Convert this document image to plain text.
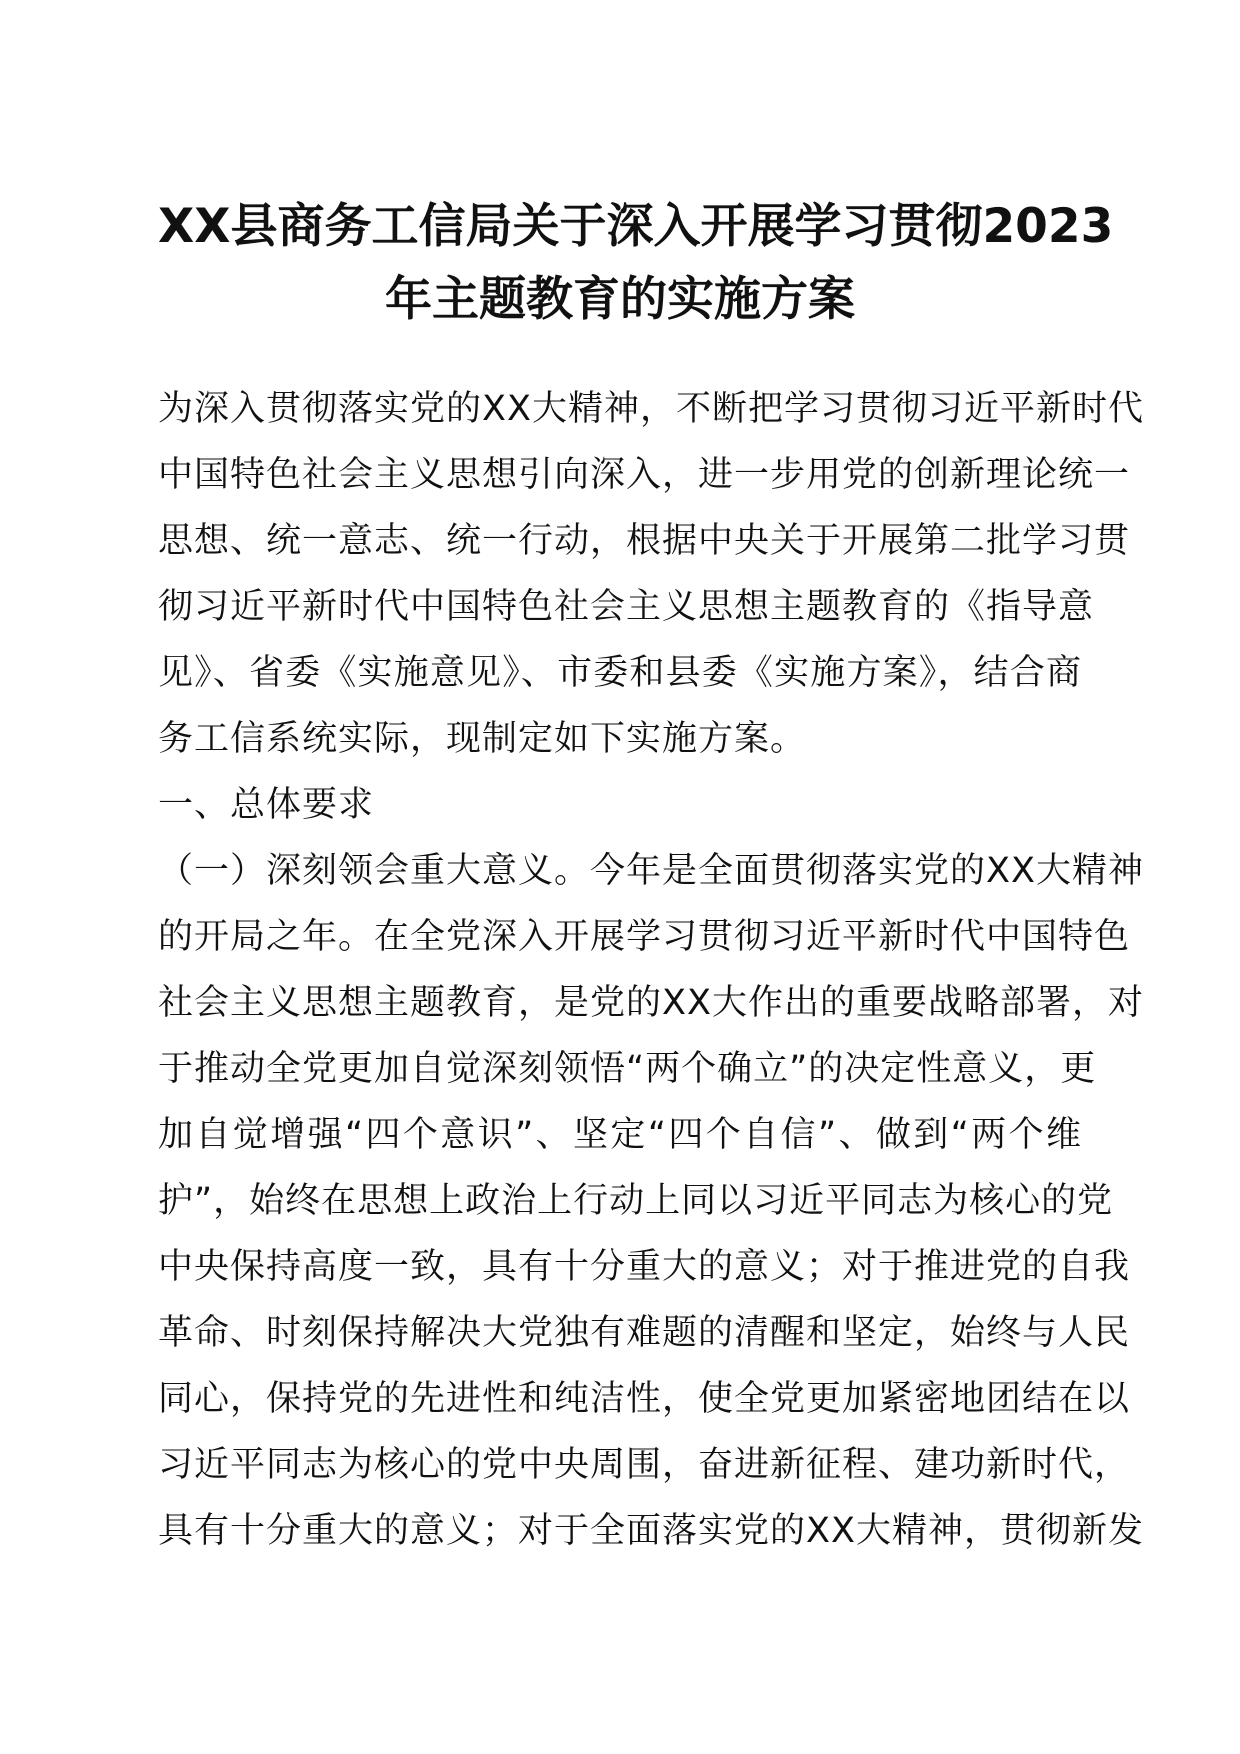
XX县商务工信局关于深入开展学习贯彻2023
年主题教育的实施方案
为深入贯彻落实党的XX大精神，不断把学习贯彻习近平新时代
中国特色社会主义思想引向深入，进一步用党的创新理论统一
思想、统一意志、统一行动，根据中央关于开展第二批学习贯
彻习近平新时代中国特色社会主义思想主题教育的《指导意
见》、省委《实施意见》、市委和县委《实施方案》，结合商
务工信系统实际，现制定如下实施方案。
一、总体要求
（一）深刻领会重大意义。今年是全面贯彻落实党的XX大精神
的开局之年。在全党深入开展学习贯彻习近平新时代中国特色
社会主义思想主题教育，是党的XX大作出的重要战略部署，对
于推动全党更加自觉深刻领悟“两个确立”的决定性意义，更
加自觉增强“四个意识”、坚定“四个自信”、做到“两个维
护”，始终在思想上政治上行动上同以习近平同志为核心的党
中央保持高度一致，具有十分重大的意义；对于推进党的自我
革命、时刻保持解决大党独有难题的清醒和坚定，始终与人民
同心，保持党的先进性和纯洁性，使全党更加紧密地团结在以
习近平同志为核心的党中央周围，奋进新征程、建功新时代，
具有十分重大的意义；对于全面落实党的XX大精神，贯彻新发
